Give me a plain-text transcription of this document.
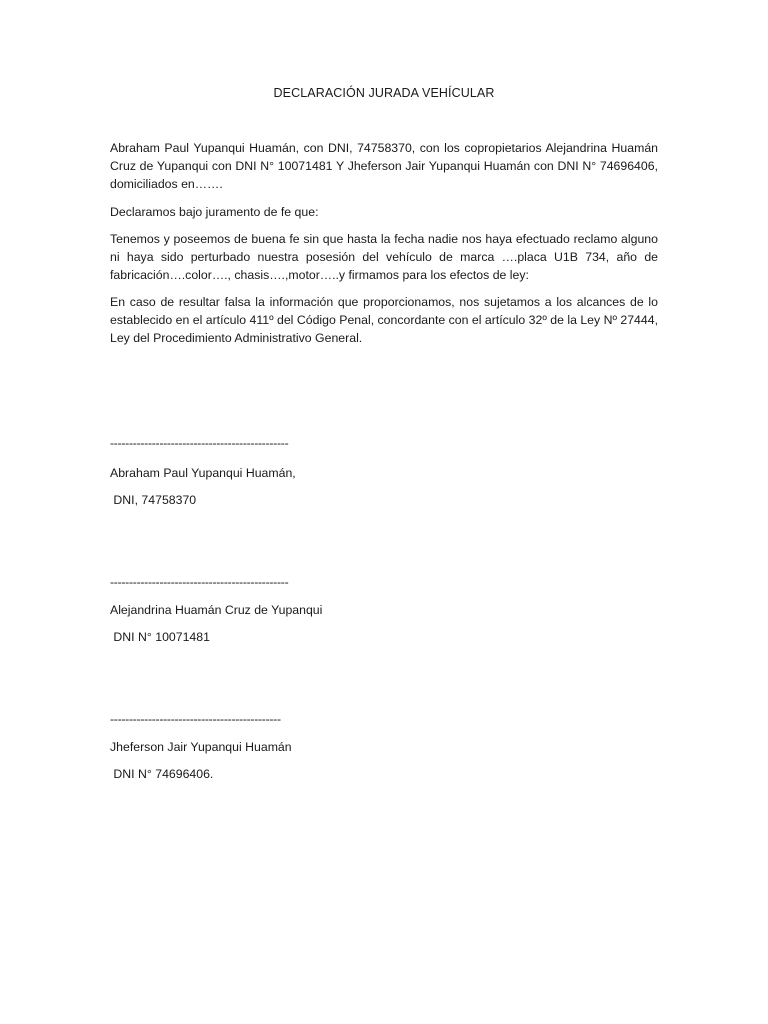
DECLARACIÓN JURADA VEHÍCULAR

Abraham Paul Yupanqui Huamán, con DNI, 74758370, con los copropietarios Alejandrina Huamán Cruz de Yupanqui con DNI N° 10071481 Y Jheferson Jair Yupanqui Huamán con DNI N° 74696406, domiciliados en…….

Declaramos bajo juramento de fe que:

Tenemos y poseemos de buena fe sin que hasta la fecha nadie nos haya efectuado reclamo alguno ni haya sido perturbado nuestra posesión del vehículo de marca ….placa U1B 734, año de fabricación….color…., chasis….,motor…..y firmamos para los efectos de ley:

En caso de resultar falsa la información que proporcionamos, nos sujetamos a los alcances de lo establecido en el artículo 411º del Código Penal, concordante con el artículo 32º de la Ley Nº 27444, Ley del Procedimiento Administrativo General.

-----------------------------------------------

Abraham Paul Yupanqui Huamán,

DNI, 74758370

-----------------------------------------------

Alejandrina Huamán Cruz de Yupanqui

DNI N° 10071481

---------------------------------------------

Jheferson Jair Yupanqui Huamán

DNI N° 74696406.
